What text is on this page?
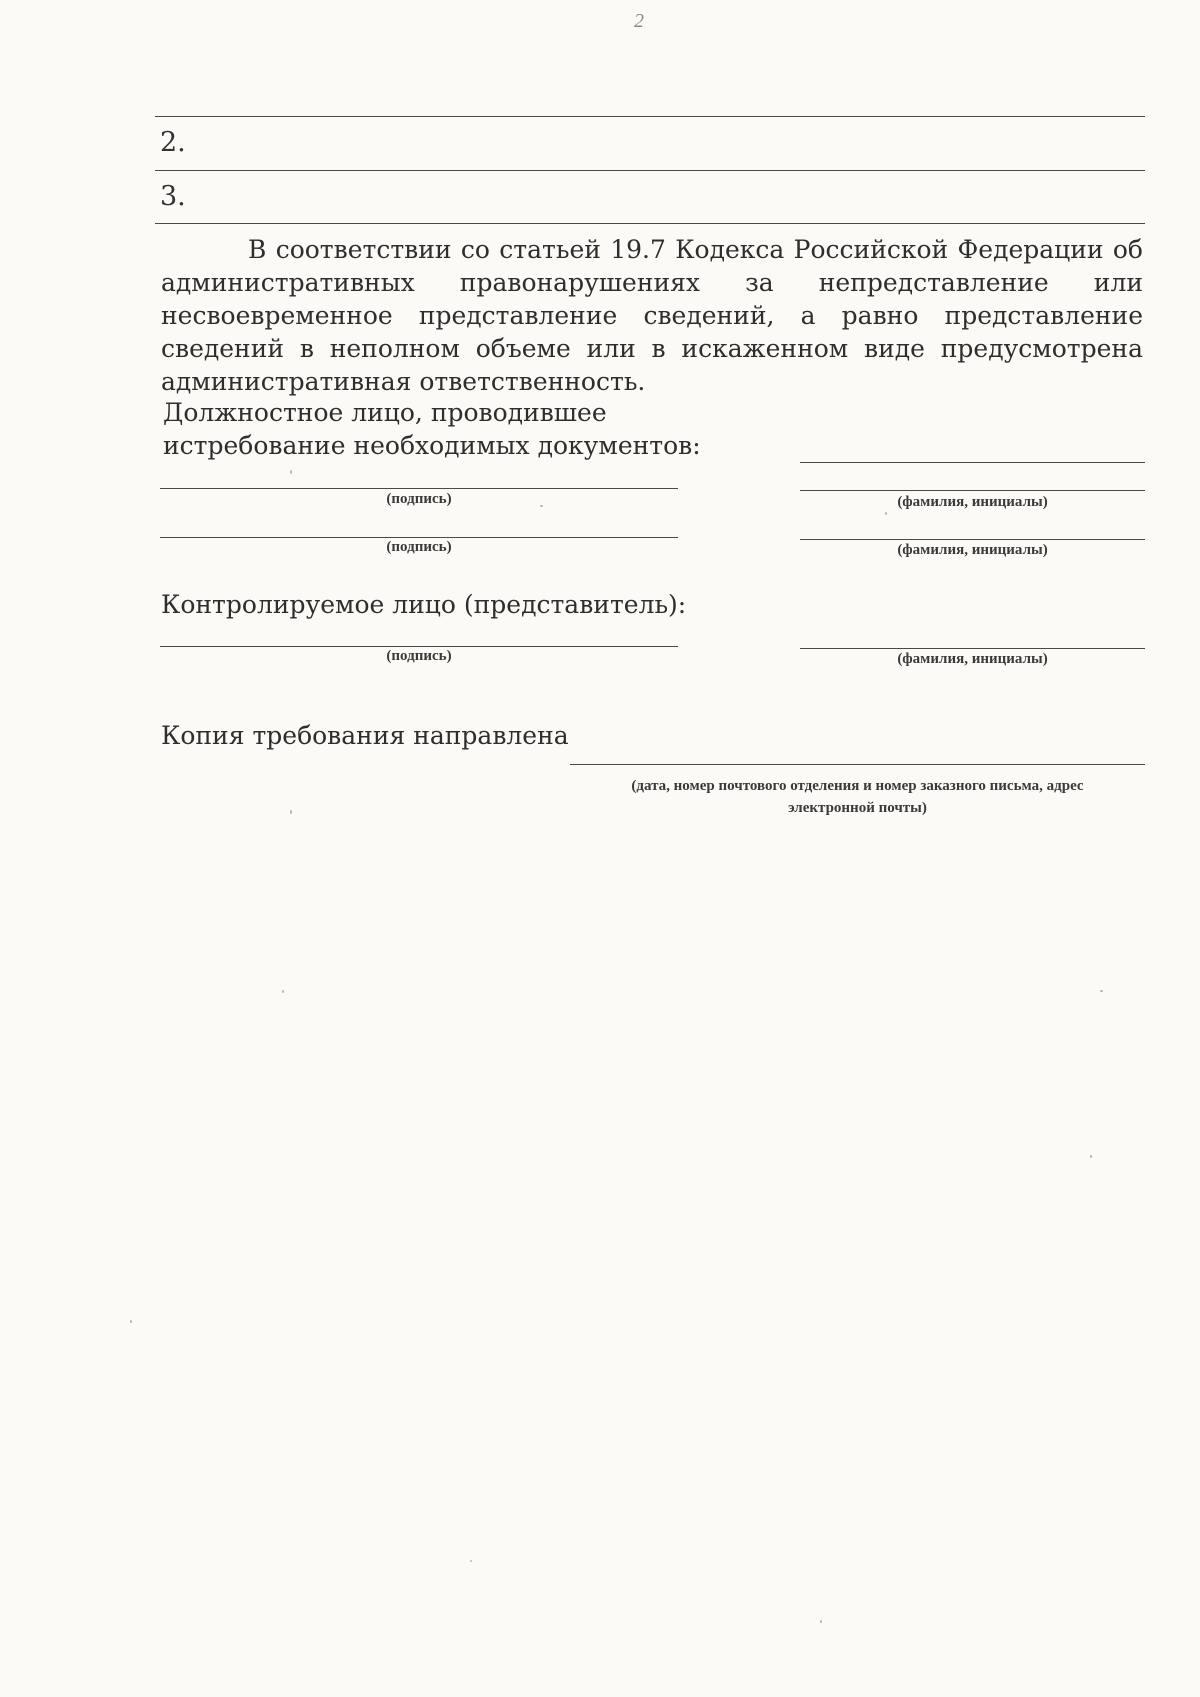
2
2.
3.
В соответствии со статьей 19.7 Кодекса Российской Федерации об административных правонарушениях за непредставление или несвоевременное представление сведений, а равно представление сведений в неполном объеме или в искаженном виде предусмотрена административная ответственность.
Должностное лицо, проводившее
истребование необходимых документов:
(подпись)	(фамилия, инициалы)
(подпись)	(фамилия, инициалы)
Контролируемое лицо (представитель):
(подпись)	(фамилия, инициалы)
Копия требования направлена
(дата, номер почтового отделения и номер заказного письма, адрес электронной почты)
